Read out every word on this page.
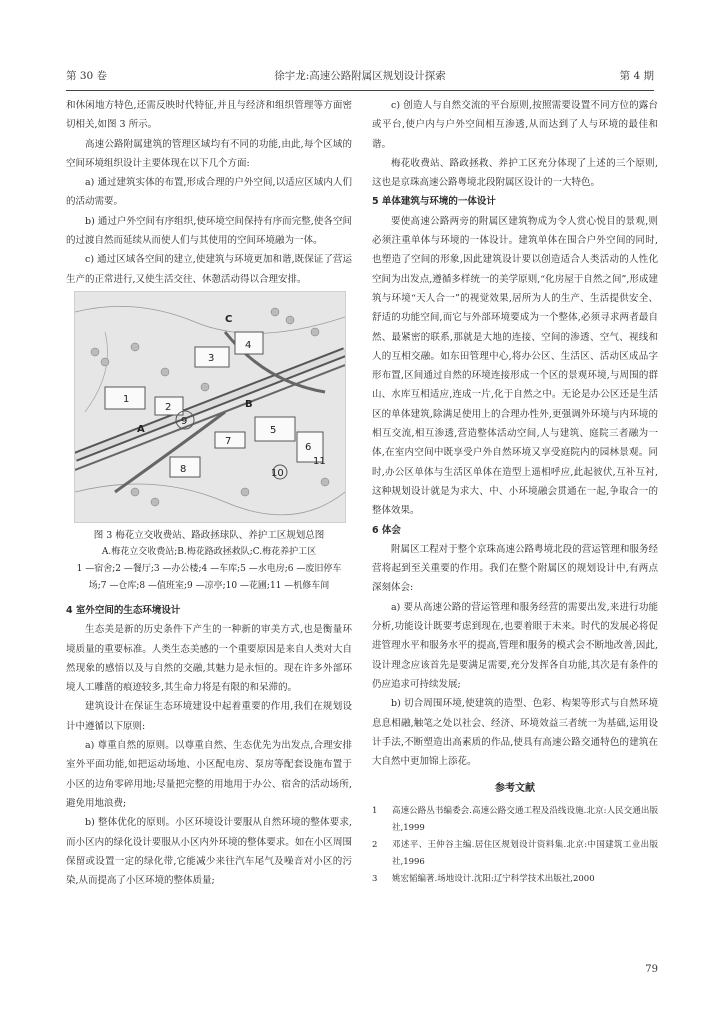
第 30 卷	徐宇龙:高速公路附属区规划设计探索	第 4 期

和休闲地方特色,还需反映时代特征,并且与经济和组织管理等方面密切相关,如图 3 所示。

高速公路附属建筑的管理区域均有不同的功能,由此,每个区域的空间环境组织设计主要体现在以下几个方面:

a) 通过建筑实体的布置,形成合理的户外空间,以适应区域内人们的活动需要。

b) 通过户外空间有序组织,使环境空间保持有序而完整,使各空间的过渡自然而延续从而使人们与其使用的空间环境融为一体。

c) 通过区域各空间的建立,使建筑与环境更加和谐,既保证了营运生产的正常进行,又使生活交往、休憩活动得以合理安排。

1
2
3
4
5
6
7
8
9
10
11
A
B
C
图 3 梅花立交收费站、路政拯球队、养护工区规划总图
A.梅花立交收费站;B.梅花路政拯救队;C.梅花养护工区
1 —宿舍;2 —餐厅;3 —办公楼;4 —车库;5 —水电房;6 —废旧停车
场;7 —仓库;8 —值班室;9 —凉亭;10 —花圃;11 —机修车间
4 室外空间的生态环境设计

生态美是新的历史条件下产生的一种新的审美方式,也是衡量环境质量的重要标准。人类生态美感的一个重要原因是来自人类对大自然现象的感悟以及与自然的交融,其魅力是永恒的。现在许多外部环境人工雕凿的痕迹较多,其生命力将是有限的和呆滞的。

建筑设计在保证生态环境建设中起着重要的作用,我们在规划设计中遵循以下原则:

a) 尊重自然的原则。以尊重自然、生态优先为出发点,合理安排室外平面功能,如把运动场地、小区配电房、泵房等配套设施布置于小区的边角零碎用地;尽量把完整的用地用于办公、宿舍的活动场所,避免用地浪费;

b) 整体优化的原则。小区环境设计要服从自然环境的整体要求,而小区内的绿化设计要服从小区内外环境的整体要求。如在小区周围保留或设置一定的绿化带,它能减少来往汽车尾气及噪音对小区的污染,从而提高了小区环境的整体质量;

c) 创造人与自然交流的平台原则,按照需要设置不同方位的露台或平台,使户内与户外空间相互渗透,从而达到了人与环境的最佳和谐。

梅花收费站、路政拯救、养护工区充分体现了上述的三个原则,这也是京珠高速公路粤境北段附属区设计的一大特色。

5 单体建筑与环境的一体设计

要使高速公路两旁的附属区建筑物成为令人赏心悦目的景观,则必须注重单体与环境的一体设计。建筑单体在围合户外空间的同时,也塑造了空间的形象,因此建筑设计要以创造适合人类活动的人性化空间为出发点,遵循多样统一的美学原则,“化房屋于自然之间”,形成建筑与环境“天人合一”的视觉效果,居所为人的生产、生活提供安全、舒适的功能空间,而它与外部环境要成为一个整体,必须寻求两者最自然、最紧密的联系,那就是大地的连接、空间的渗透、空气、视线和人的互相交融。如东田管理中心,将办公区、生活区、活动区成品字形布置,区间通过自然的环境连接形成一个区的景观环境,与周围的群山、水库互相适应,连成一片,化于自然之中。无论是办公区还是生活区的单体建筑,除满足使用上的合理办性外,更强调外环境与内环境的相互交流,相互渗透,营造整体活动空间,人与建筑、庭院三者融为一体,在室内空间中既享受户外自然环境又享受庭院内的园林景观。同时,办公区单体与生活区单体在造型上遥相呼应,此起彼伏,互补互衬,这种规划设计就是为求大、中、小环境融会贯通在一起,争取合一的整体效果。

6 体会

附属区工程对于整个京珠高速公路粤境北段的营运管理和服务经营将起到至关重要的作用。我们在整个附属区的规划设计中,有两点深刻体会:

a) 要从高速公路的营运管理和服务经营的需要出发,来进行功能分析,功能设计既要考虑到现在,也要着眼于未来。时代的发展必将促进管理水平和服务水平的提高,管理和服务的模式会不断地改善,因此,设计理念应该首先是要满足需要,充分发挥各自功能,其次是有条件的仍应追求可持续发展;

b) 切合周围环境,使建筑的造型、色彩、构架等形式与自然环境息息相融,触笔之处以社会、经济、环境效益三者统一为基础,运用设计手法,不断塑造出高素质的作品,使具有高速公路交通特色的建筑在大自然中更加锦上添花。

参考文献
1	高速公路丛书编委会.高速公路交通工程及沿线设施.北京:人民交通出版社,1999
2	邓述平、王仲谷主编.居住区规划设计资料集.北京:中国建筑工业出版社,1996
3	姚宏韬编著.场地设计.沈阳:辽宁科学技术出版社,2000
79
